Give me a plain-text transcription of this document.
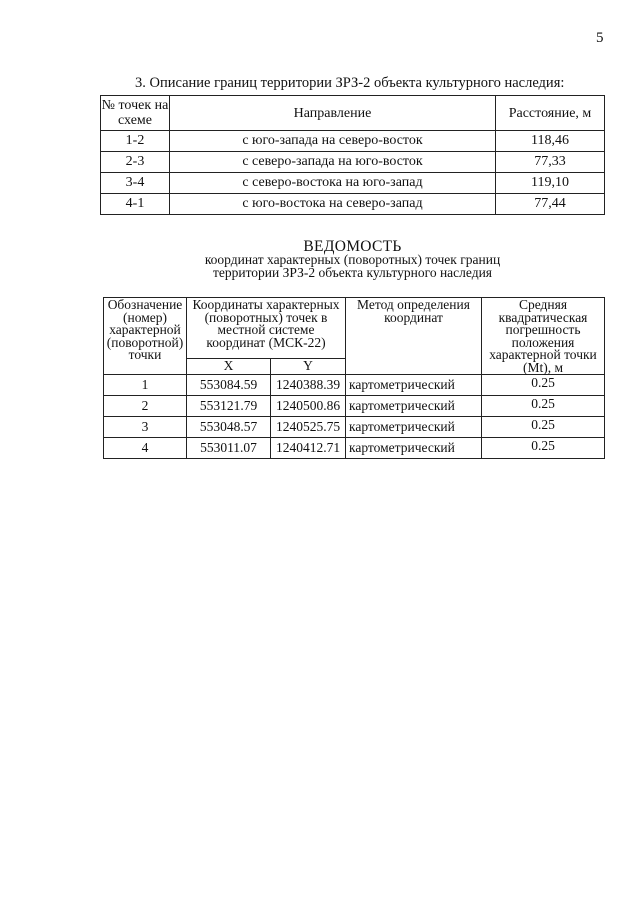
5
3. Описание границ территории ЗРЗ-2 объекта культурного наследия:
№ точек на схеме	Направление	Расстояние, м
1-2	с юго-запада на северо-восток	118,46
2-3	с северо-запада на юго-восток	77,33
3-4	с северо-востока на юго-запад	119,10
4-1	с юго-востока на северо-запад	77,44
ВЕДОМОСТЬ
координат характерных (поворотных) точек границ
территории ЗРЗ-2 объекта культурного наследия
Обозначение (номер) характерной (поворотной) точки	Координаты характерных (поворотных) точек в местной системе координат (МСК-22)		Метод определения координат	Средняя квадратическая погрешность положения характерной точки (Mt), м
	X	Y		
1	553084.59	1240388.39	картометрический	0.25
2	553121.79	1240500.86	картометрический	0.25
3	553048.57	1240525.75	картометрический	0.25
4	553011.07	1240412.71	картометрический	0.25
